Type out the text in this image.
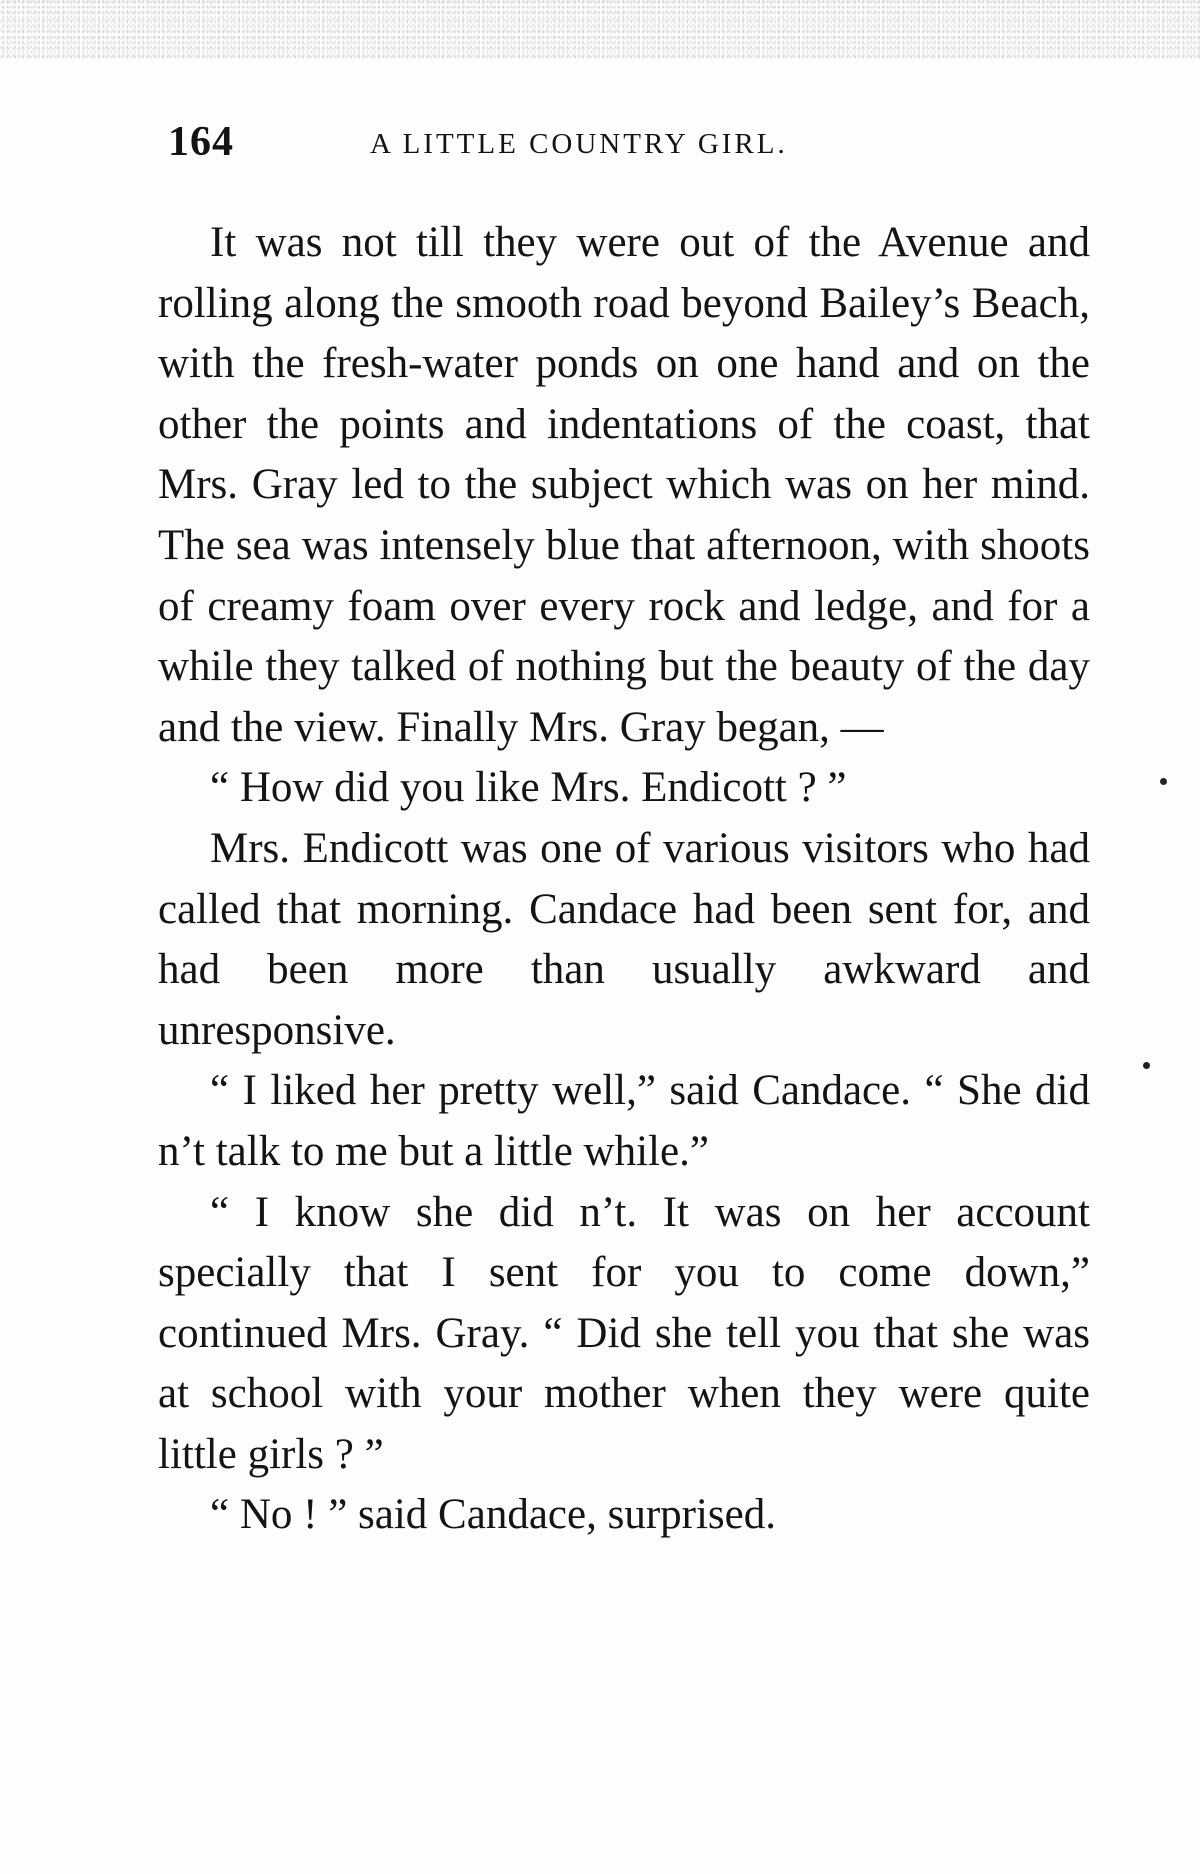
164	A LITTLE COUNTRY GIRL.

It was not till they were out of the Avenue and rolling along the smooth road beyond Bailey’s Beach, with the fresh-water ponds on one hand and on the other the points and indentations of the coast, that Mrs. Gray led to the subject which was on her mind. The sea was intensely blue that afternoon, with shoots of creamy foam over every rock and ledge, and for a while they talked of nothing but the beauty of the day and the view. Finally Mrs. Gray began, —

“ How did you like Mrs. Endicott ? ”

Mrs. Endicott was one of various visitors who had called that morning. Candace had been sent for, and had been more than usually awkward and unresponsive.

“ I liked her pretty well,” said Candace. “ She did n’t talk to me but a little while.”

“ I know she did n’t. It was on her account specially that I sent for you to come down,” continued Mrs. Gray. “ Did she tell you that she was at school with your mother when they were quite little girls ? ”

“ No ! ” said Candace, surprised.
